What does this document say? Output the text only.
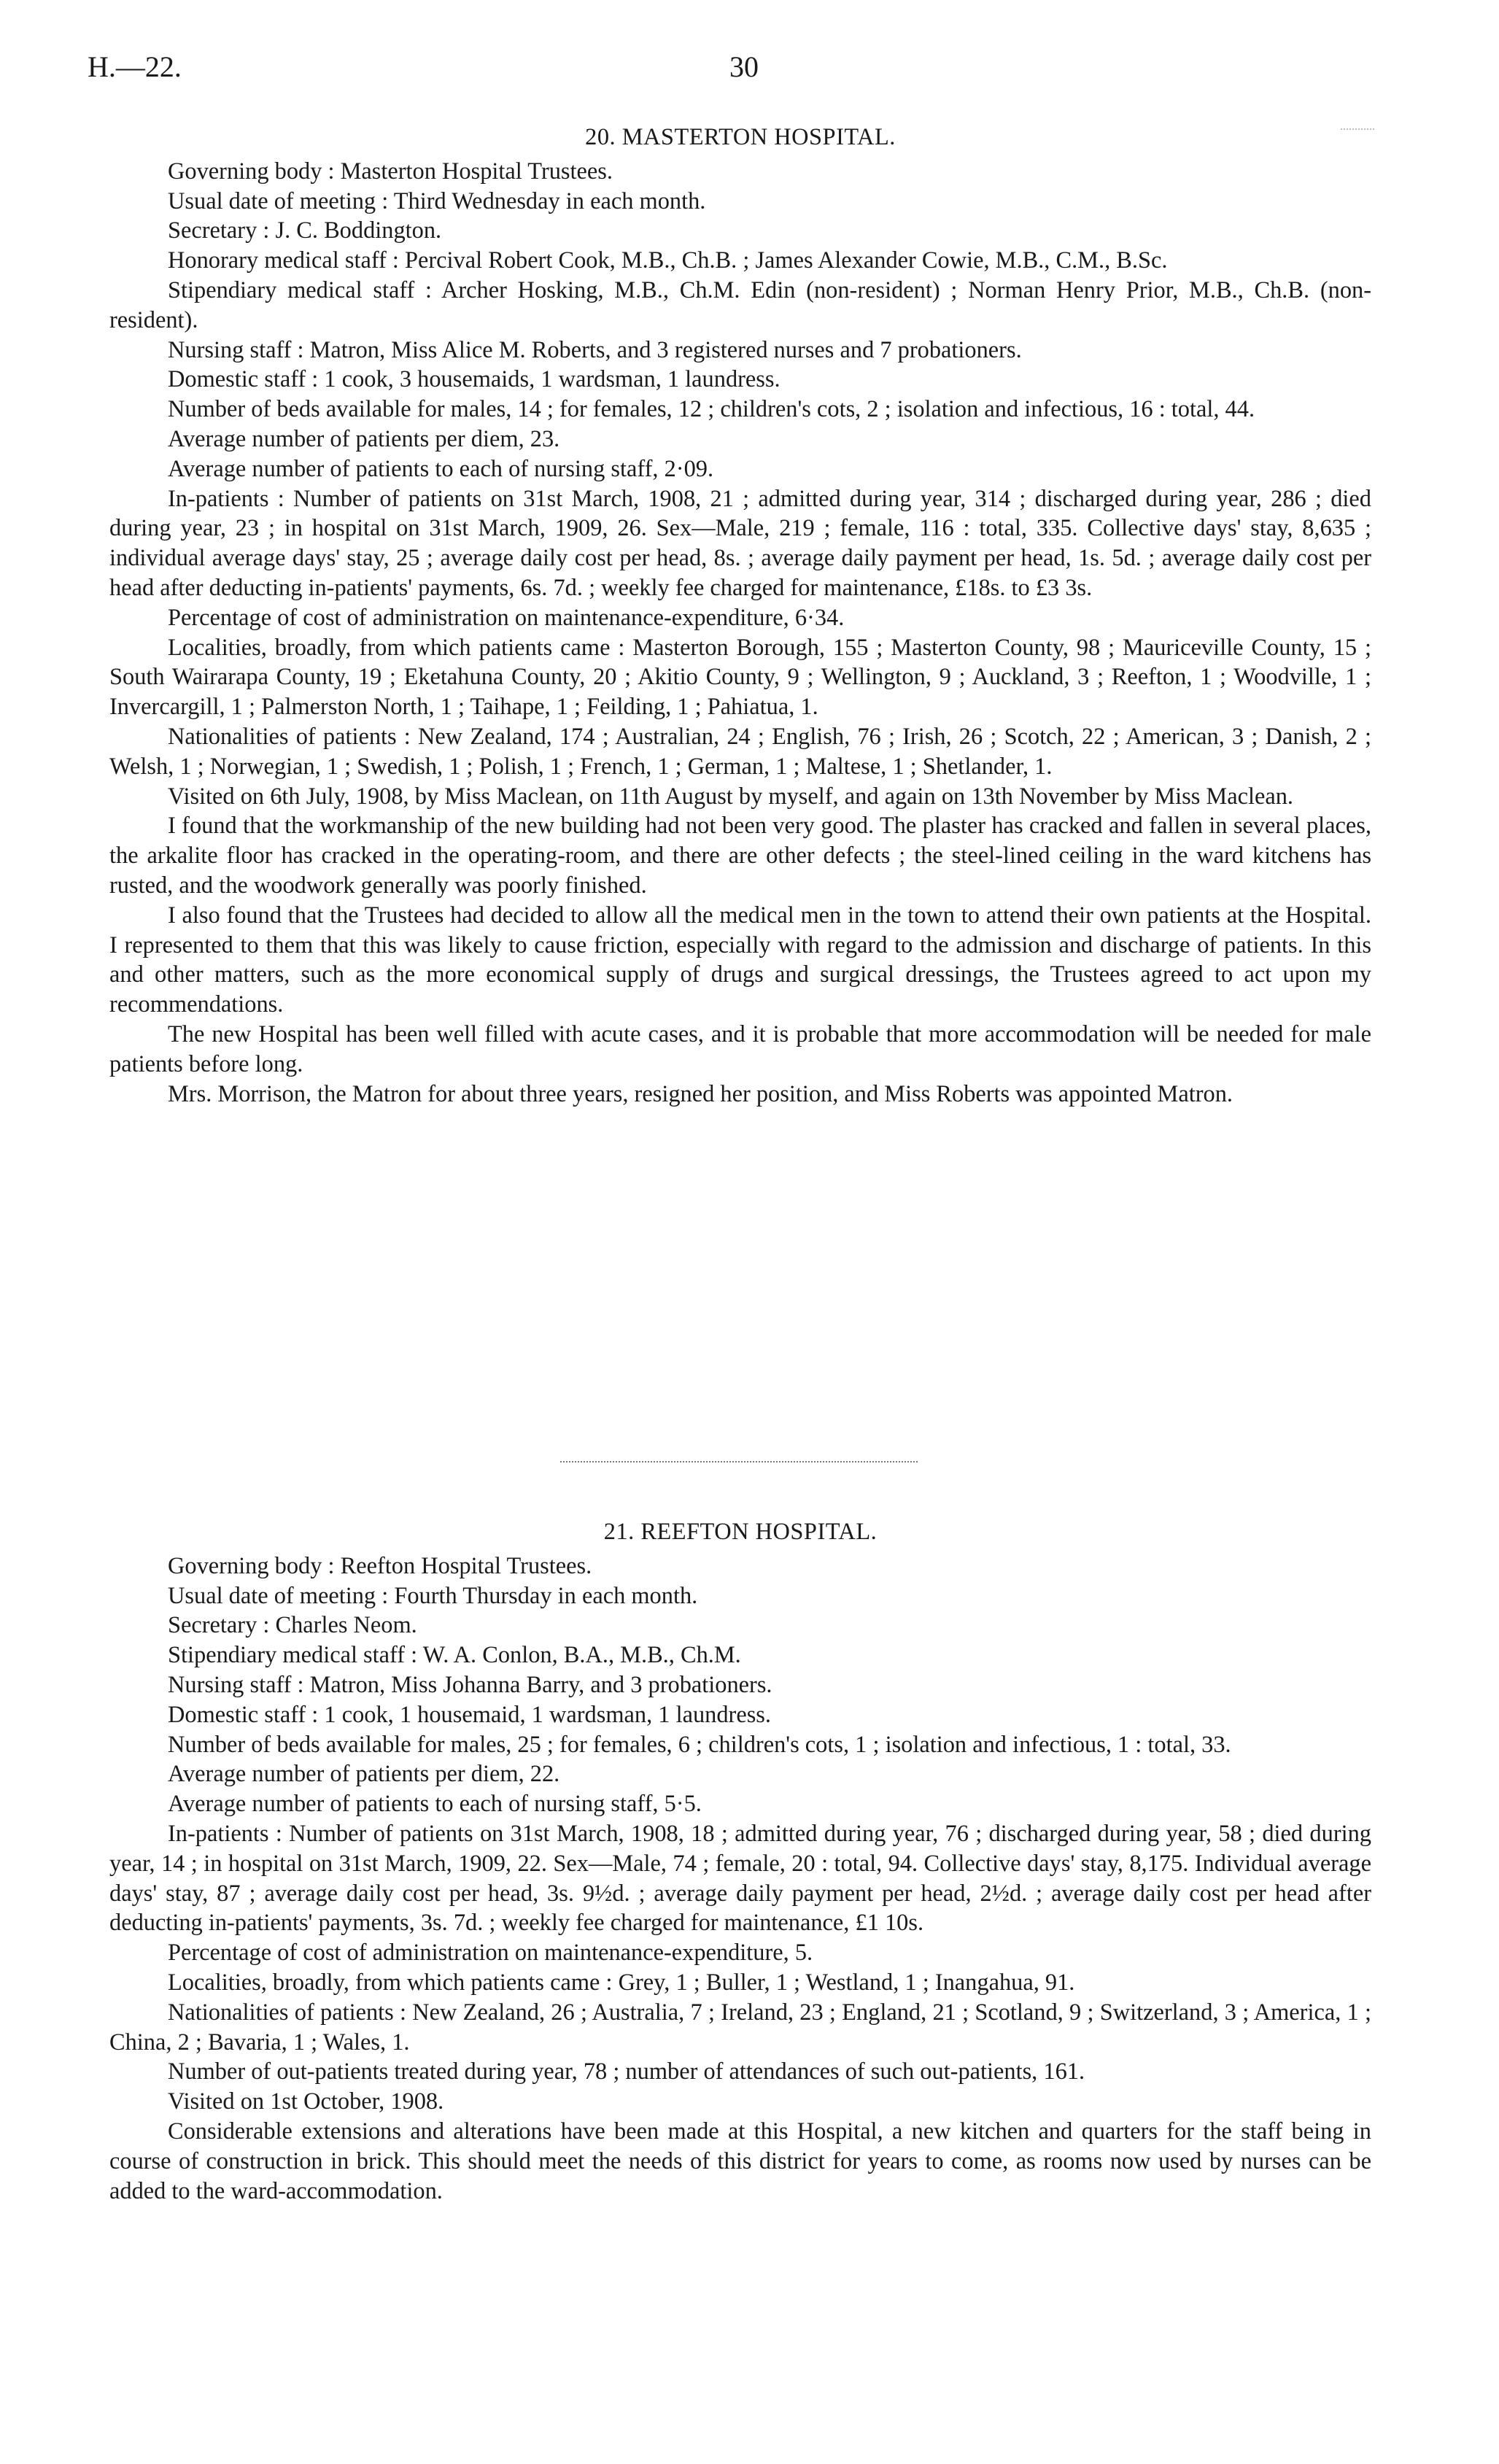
H.—22.	30
20. MASTERTON HOSPITAL.

Governing body : Masterton Hospital Trustees.

Usual date of meeting : Third Wednesday in each month.

Secretary : J. C. Boddington.

Honorary medical staff : Percival Robert Cook, M.B., Ch.B. ; James Alexander Cowie, M.B., C.M., B.Sc.

Stipendiary medical staff : Archer Hosking, M.B., Ch.M. Edin (non-resident) ; Norman Henry Prior, M.B., Ch.B. (non-resident).

Nursing staff : Matron, Miss Alice M. Roberts, and 3 registered nurses and 7 probationers.

Domestic staff : 1 cook, 3 housemaids, 1 wardsman, 1 laundress.

Number of beds available for males, 14 ; for females, 12 ; children's cots, 2 ; isolation and infectious, 16 : total, 44.

Average number of patients per diem, 23.

Average number of patients to each of nursing staff, 2·09.

In-patients : Number of patients on 31st March, 1908, 21 ; admitted during year, 314 ; discharged during year, 286 ; died during year, 23 ; in hospital on 31st March, 1909, 26. Sex—Male, 219 ; female, 116 : total, 335. Collective days' stay, 8,635 ; individual average days' stay, 25 ; average daily cost per head, 8s. ; average daily payment per head, 1s. 5d. ; average daily cost per head after deducting in-patients' payments, 6s. 7d. ; weekly fee charged for maintenance, £18s. to £3 3s.

Percentage of cost of administration on maintenance-expenditure, 6·34.

Localities, broadly, from which patients came : Masterton Borough, 155 ; Masterton County, 98 ; Mauriceville County, 15 ; South Wairarapa County, 19 ; Eketahuna County, 20 ; Akitio County, 9 ; Wellington, 9 ; Auckland, 3 ; Reefton, 1 ; Woodville, 1 ; Invercargill, 1 ; Palmerston North, 1 ; Taihape, 1 ; Feilding, 1 ; Pahiatua, 1.

Nationalities of patients : New Zealand, 174 ; Australian, 24 ; English, 76 ; Irish, 26 ; Scotch, 22 ; American, 3 ; Danish, 2 ; Welsh, 1 ; Norwegian, 1 ; Swedish, 1 ; Polish, 1 ; French, 1 ; German, 1 ; Maltese, 1 ; Shetlander, 1.

Visited on 6th July, 1908, by Miss Maclean, on 11th August by myself, and again on 13th November by Miss Maclean.

I found that the workmanship of the new building had not been very good. The plaster has cracked and fallen in several places, the arkalite floor has cracked in the operating-room, and there are other defects ; the steel-lined ceiling in the ward kitchens has rusted, and the woodwork generally was poorly finished.

I also found that the Trustees had decided to allow all the medical men in the town to attend their own patients at the Hospital. I represented to them that this was likely to cause friction, especially with regard to the admission and discharge of patients. In this and other matters, such as the more economical supply of drugs and surgical dressings, the Trustees agreed to act upon my recommendations.

The new Hospital has been well filled with acute cases, and it is probable that more accommodation will be needed for male patients before long.

Mrs. Morrison, the Matron for about three years, resigned her position, and Miss Roberts was appointed Matron.

21. REEFTON HOSPITAL.

Governing body : Reefton Hospital Trustees.

Usual date of meeting : Fourth Thursday in each month.

Secretary : Charles Neom.

Stipendiary medical staff : W. A. Conlon, B.A., M.B., Ch.M.

Nursing staff : Matron, Miss Johanna Barry, and 3 probationers.

Domestic staff : 1 cook, 1 housemaid, 1 wardsman, 1 laundress.

Number of beds available for males, 25 ; for females, 6 ; children's cots, 1 ; isolation and infectious, 1 : total, 33.

Average number of patients per diem, 22.

Average number of patients to each of nursing staff, 5·5.

In-patients : Number of patients on 31st March, 1908, 18 ; admitted during year, 76 ; discharged during year, 58 ; died during year, 14 ; in hospital on 31st March, 1909, 22. Sex—Male, 74 ; female, 20 : total, 94. Collective days' stay, 8,175. Individual average days' stay, 87 ; average daily cost per head, 3s. 9½d. ; average daily payment per head, 2½d. ; average daily cost per head after deducting in-patients' payments, 3s. 7d. ; weekly fee charged for maintenance, £1 10s.

Percentage of cost of administration on maintenance-expenditure, 5.

Localities, broadly, from which patients came : Grey, 1 ; Buller, 1 ; Westland, 1 ; Inangahua, 91.

Nationalities of patients : New Zealand, 26 ; Australia, 7 ; Ireland, 23 ; England, 21 ; Scotland, 9 ; Switzerland, 3 ; America, 1 ; China, 2 ; Bavaria, 1 ; Wales, 1.

Number of out-patients treated during year, 78 ; number of attendances of such out-patients, 161.

Visited on 1st October, 1908.

Considerable extensions and alterations have been made at this Hospital, a new kitchen and quarters for the staff being in course of construction in brick. This should meet the needs of this district for years to come, as rooms now used by nurses can be added to the ward-accommodation.
